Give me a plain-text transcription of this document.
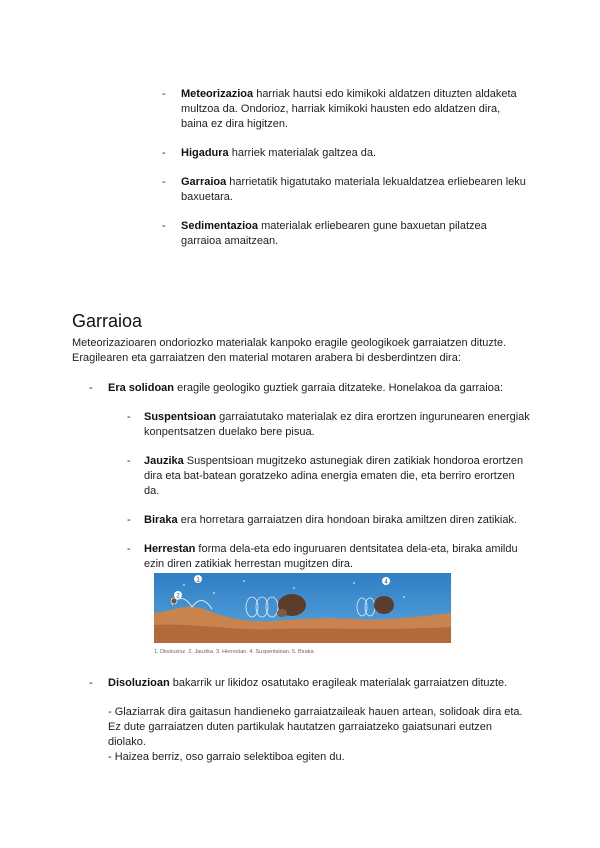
-	Meteorizazioa harriak hautsi edo kimikoki aldatzen dituzten aldaketa multzoa da. Ondorioz, harriak kimikoki hausten edo aldatzen dira, baina ez dira higitzen.
-	Higadura harriek materialak galtzea da.
-	Garraioa harrietatik higatutako materiala lekualdatzea erliebearen leku baxuetara.
-	Sedimentazioa materialak erliebearen gune baxuetan pilatzea garraioa amaitzean.
Garraioa
Meteorizazioaren ondoriozko materialak kanpoko eragile geologikoek garraiatzen dituzte. Eragilearen eta garraiatzen den material motaren arabera bi desberdintzen dira:
-	Era solidoan eragile geologiko guztiek garraia ditzateke. Honelakoa da garraioa:
-	Suspentsioan garraiatutako materialak ez dira erortzen ingurunearen energiak konpentsatzen duelako bere pisua.
-	Jauzika Suspentsioan mugitzeko astunegiak diren zatikiak hondoroa erortzen dira eta bat-batean goratzeko adina energia ematen die, eta berriro erortzen da.
-	Biraka era horretara garraiatzen dira hondoan biraka amiltzen diren zatikiak.
-	Herrestan forma dela-eta edo inguruaren dentsitatea dela-eta, biraka amildu ezin diren zatikiak herrestan mugitzen dira.
1
2
4
1. Disoluzioz. 2. Jauzika. 3. Herrestan. 4. Suspentsioan. 5. Biraka.
-	Disoluzioan bakarrik ur likidoz osatutako eragileak materialak garraiatzen dituzte.
- Glaziarrak dira gaitasun handieneko garraiatzaileak hauen artean, solidoak dira eta. Ez dute garraiatzen duten partikulak hautatzen garraiatzeko gaiatsunari eutzen diolako.
- Haizea berriz, oso garraio selektiboa egiten du.
